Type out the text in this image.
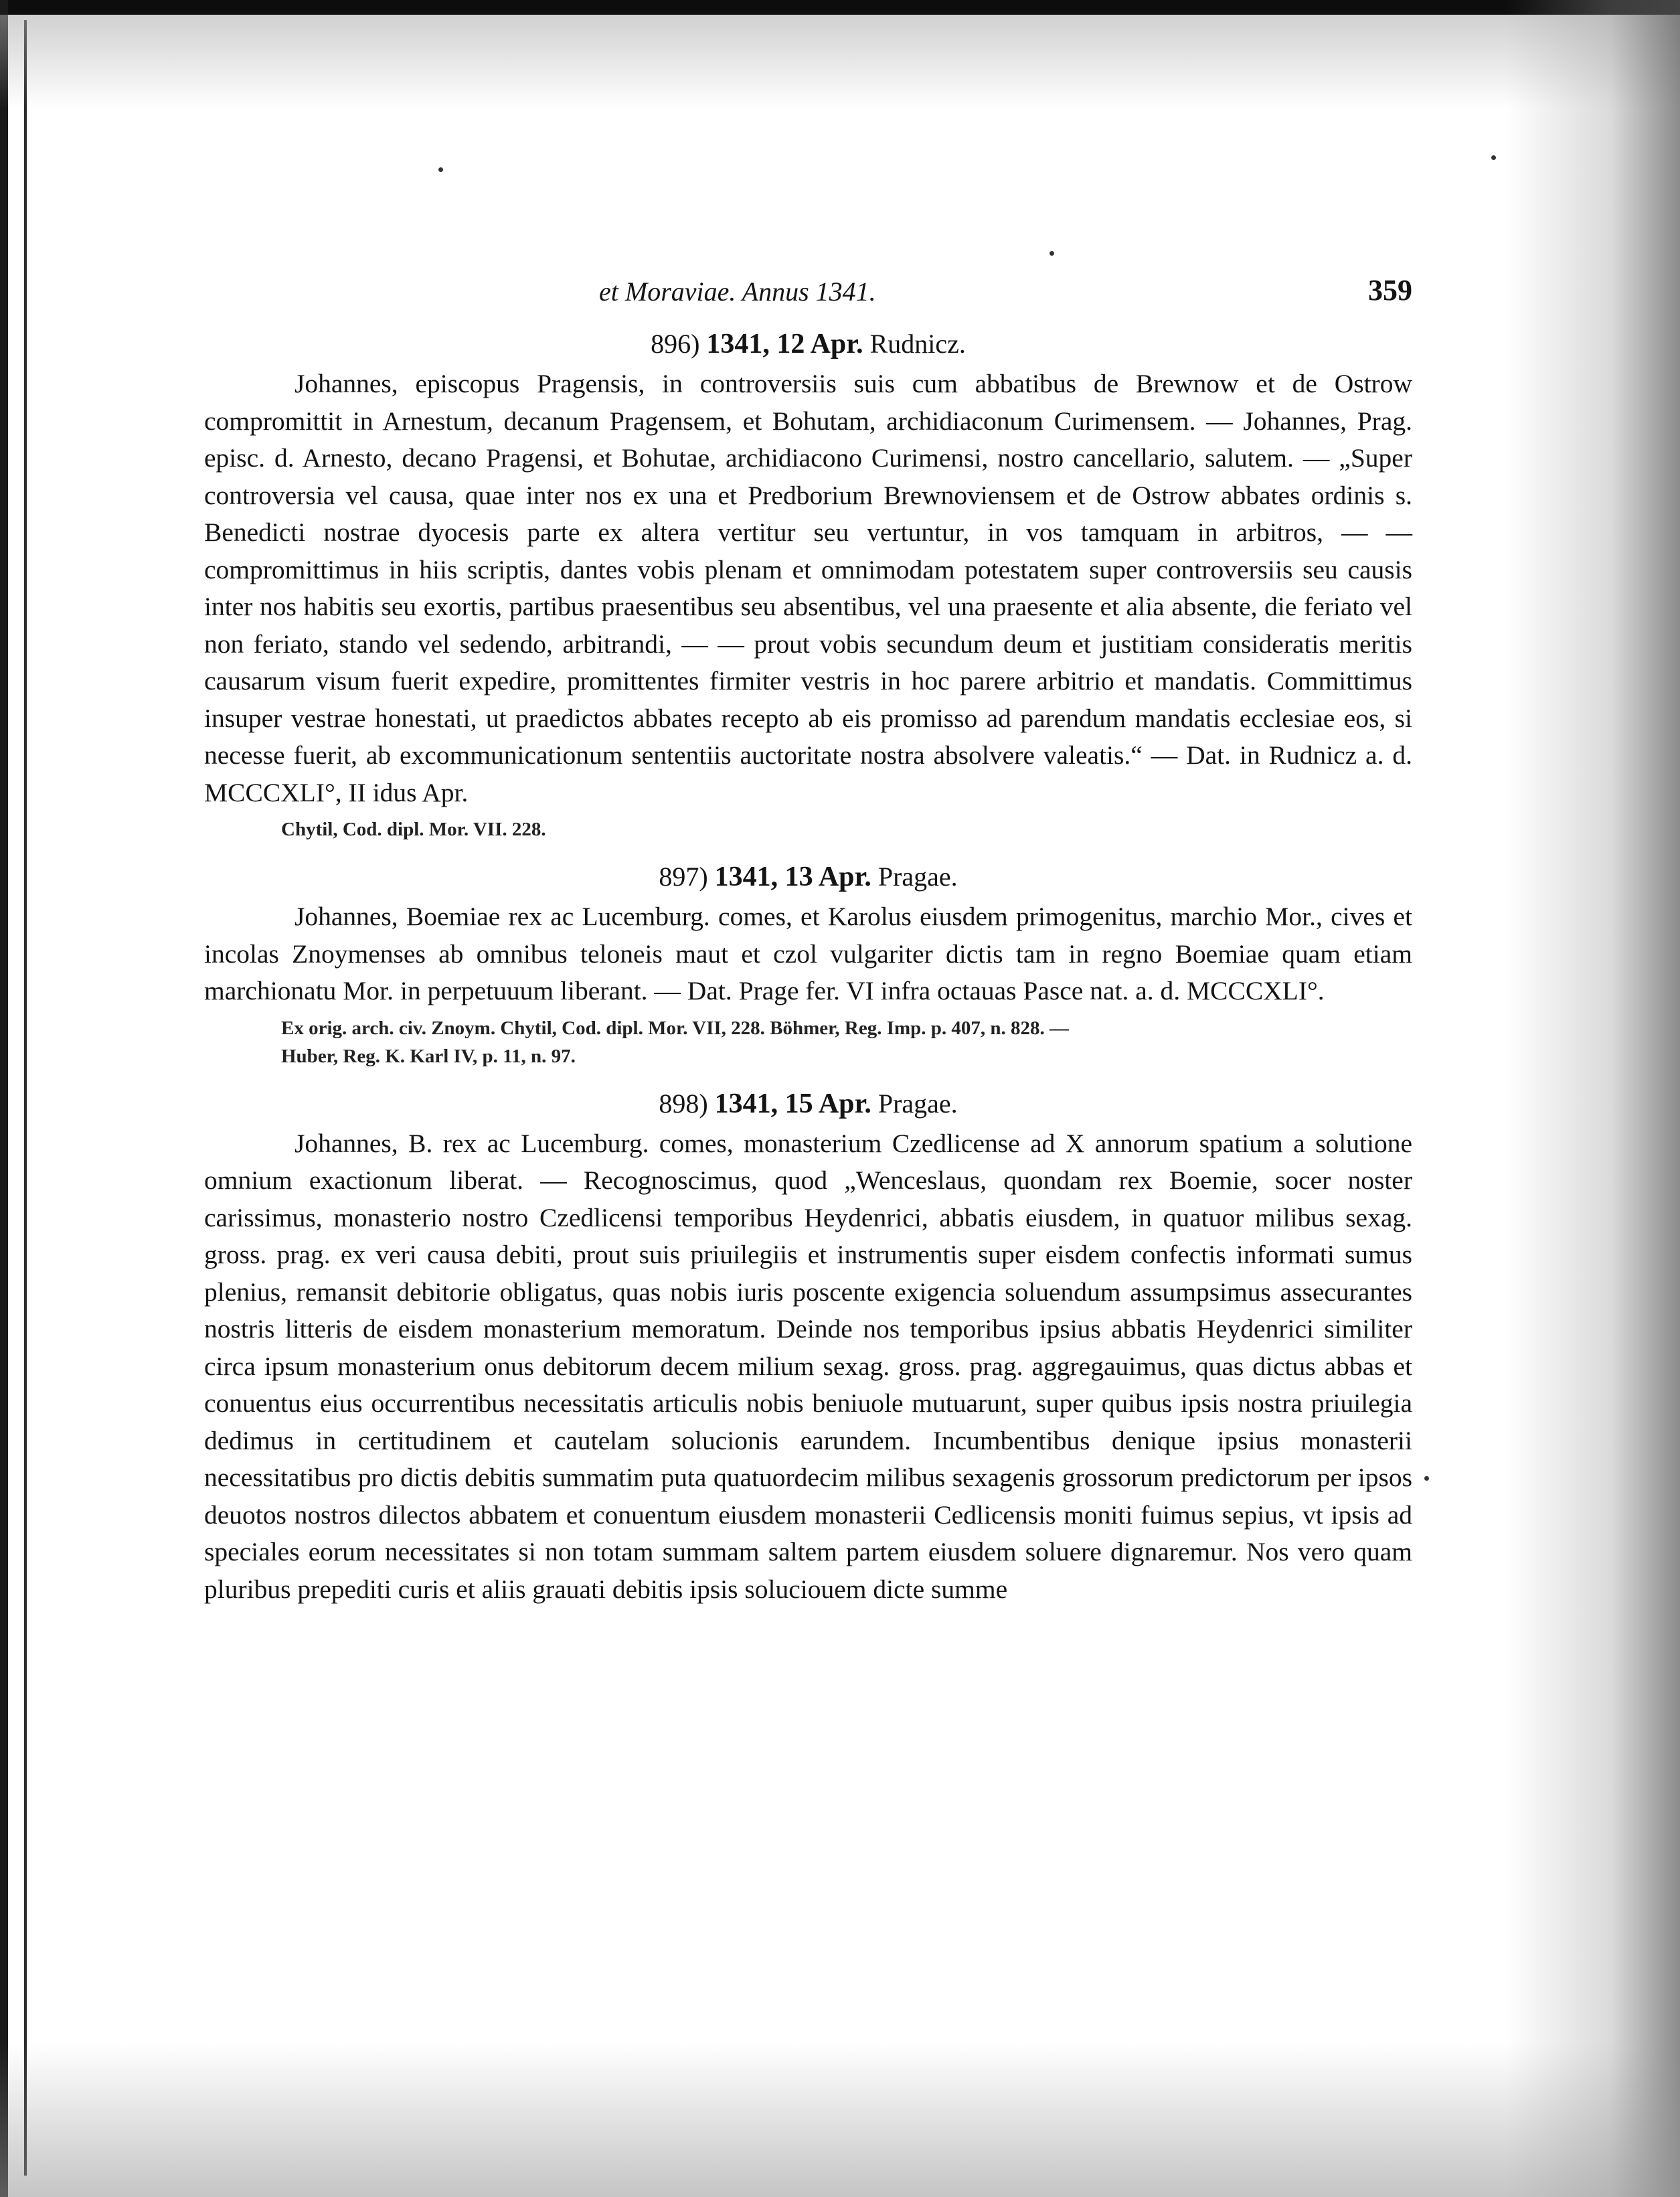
et Moraviae. Annus 1341.	359
896) 1341, 12 Apr. Rudnicz.

Johannes, episcopus Pragensis, in controversiis suis cum abbatibus de Brewnow et de Ostrow compromittit in Arnestum, decanum Pragensem, et Bohutam, archidiaconum Curimensem. — Johannes, Prag. episc. d. Arnesto, decano Pragensi, et Bohutae, archidiacono Curimensi, nostro cancellario, salutem. — „Super controversia vel causa, quae inter nos ex una et Predborium Brewnoviensem et de Ostrow abbates ordinis s. Benedicti nostrae dyocesis parte ex altera vertitur seu vertuntur, in vos tamquam in arbitros, — — compromittimus in hiis scriptis, dantes vobis plenam et omnimodam potestatem super controversiis seu causis inter nos habitis seu exortis, partibus praesentibus seu absentibus, vel una praesente et alia absente, die feriato vel non feriato, stando vel sedendo, arbitrandi, — — prout vobis secundum deum et justitiam consideratis meritis causarum visum fuerit expedire, promittentes firmiter vestris in hoc parere arbitrio et mandatis. Committimus insuper vestrae honestati, ut praedictos abbates recepto ab eis promisso ad parendum mandatis ecclesiae eos, si necesse fuerit, ab excommunicationum sententiis auctoritate nostra absolvere valeatis.“ — Dat. in Rudnicz a. d. MCCCXLI°, II idus Apr.

Chytil, Cod. dipl. Mor. VII. 228.
897) 1341, 13 Apr. Pragae.

Johannes, Boemiae rex ac Lucemburg. comes, et Karolus eiusdem primogenitus, marchio Mor., cives et incolas Znoymenses ab omnibus teloneis maut et czol vulgariter dictis tam in regno Boemiae quam etiam marchionatu Mor. in perpetuuum liberant. — Dat. Prage fer. VI infra octauas Pasce nat. a. d. MCCCXLI°.

Ex orig. arch. civ. Znoym. Chytil, Cod. dipl. Mor. VII, 228. Böhmer, Reg. Imp. p. 407, n. 828. —
Huber, Reg. K. Karl IV, p. 11, n. 97.
898) 1341, 15 Apr. Pragae.

Johannes, B. rex ac Lucemburg. comes, monasterium Czedlicense ad X annorum spatium a solutione omnium exactionum liberat. — Recognoscimus, quod „Wenceslaus, quondam rex Boemie, socer noster carissimus, monasterio nostro Czedlicensi temporibus Heydenrici, abbatis eiusdem, in quatuor milibus sexag. gross. prag. ex veri causa debiti, prout suis priuilegiis et instrumentis super eisdem confectis informati sumus plenius, remansit debitorie obligatus, quas nobis iuris poscente exigencia soluendum assumpsimus assecurantes nostris litteris de eisdem monasterium memoratum. Deinde nos temporibus ipsius abbatis Heydenrici similiter circa ipsum monasterium onus debitorum decem milium sexag. gross. prag. aggregauimus, quas dictus abbas et conuentus eius occurrentibus necessitatis articulis nobis beniuole mutuarunt, super quibus ipsis nostra priuilegia dedimus in certitudinem et cautelam solucionis earundem. Incumbentibus denique ipsius monasterii necessitatibus pro dictis debitis summatim puta quatuordecim milibus sexagenis grossorum predictorum per ipsos deuotos nostros dilectos abbatem et conuentum eiusdem monasterii Cedlicensis moniti fuimus sepius, vt ipsis ad speciales eorum necessitates si non totam summam saltem partem eiusdem soluere dignaremur. Nos vero quam pluribus prepediti curis et aliis grauati debitis ipsis soluciouem dicte summe
